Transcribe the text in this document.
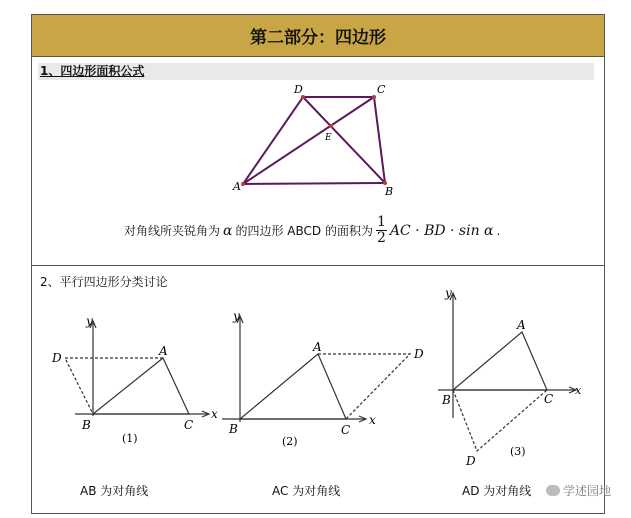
第二部分：四边形
1、四边形面积公式
对角线所夹锐角为 α 的四边形 ABCD 的面积为 $\frac{1}{2}$ AC · BD · sin α .
2、平行四边形分类讨论
AB 为对角线	AC 为对角线	AD 为对角线
A	B
C
D
E
y
x
A
B	C
D
(1)
y
x
A
B	C
D
(2)
y
x
A
B	C
D
(3)
学述园地
